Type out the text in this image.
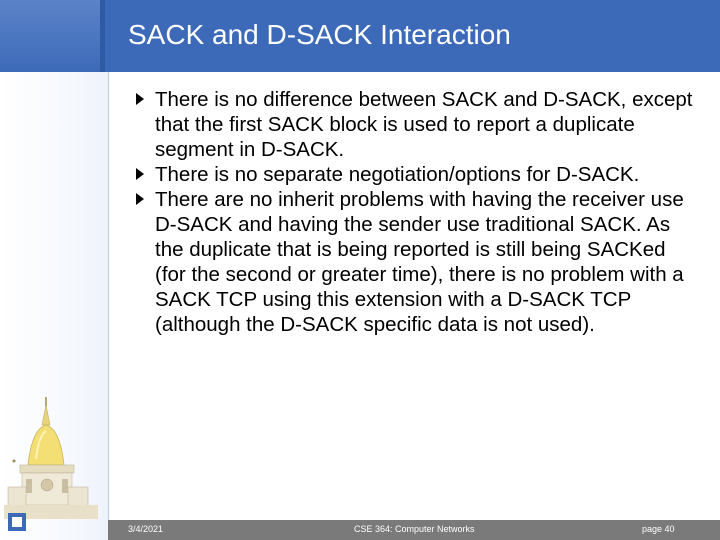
SACK and D-SACK Interaction
There is no difference between SACK and D-SACK, except that the first SACK block is used to report a duplicate segment in D-SACK.
There is no separate negotiation/options for D-SACK.
There are no inherit problems with having the receiver use D-SACK and having the sender use traditional SACK. As the duplicate that is being reported is still being SACKed (for the second or greater time), there is no problem with a SACK TCP using this extension with a D-SACK TCP (although the D-SACK specific data is not used).
3/4/2021	CSE 364: Computer Networks	page 40
